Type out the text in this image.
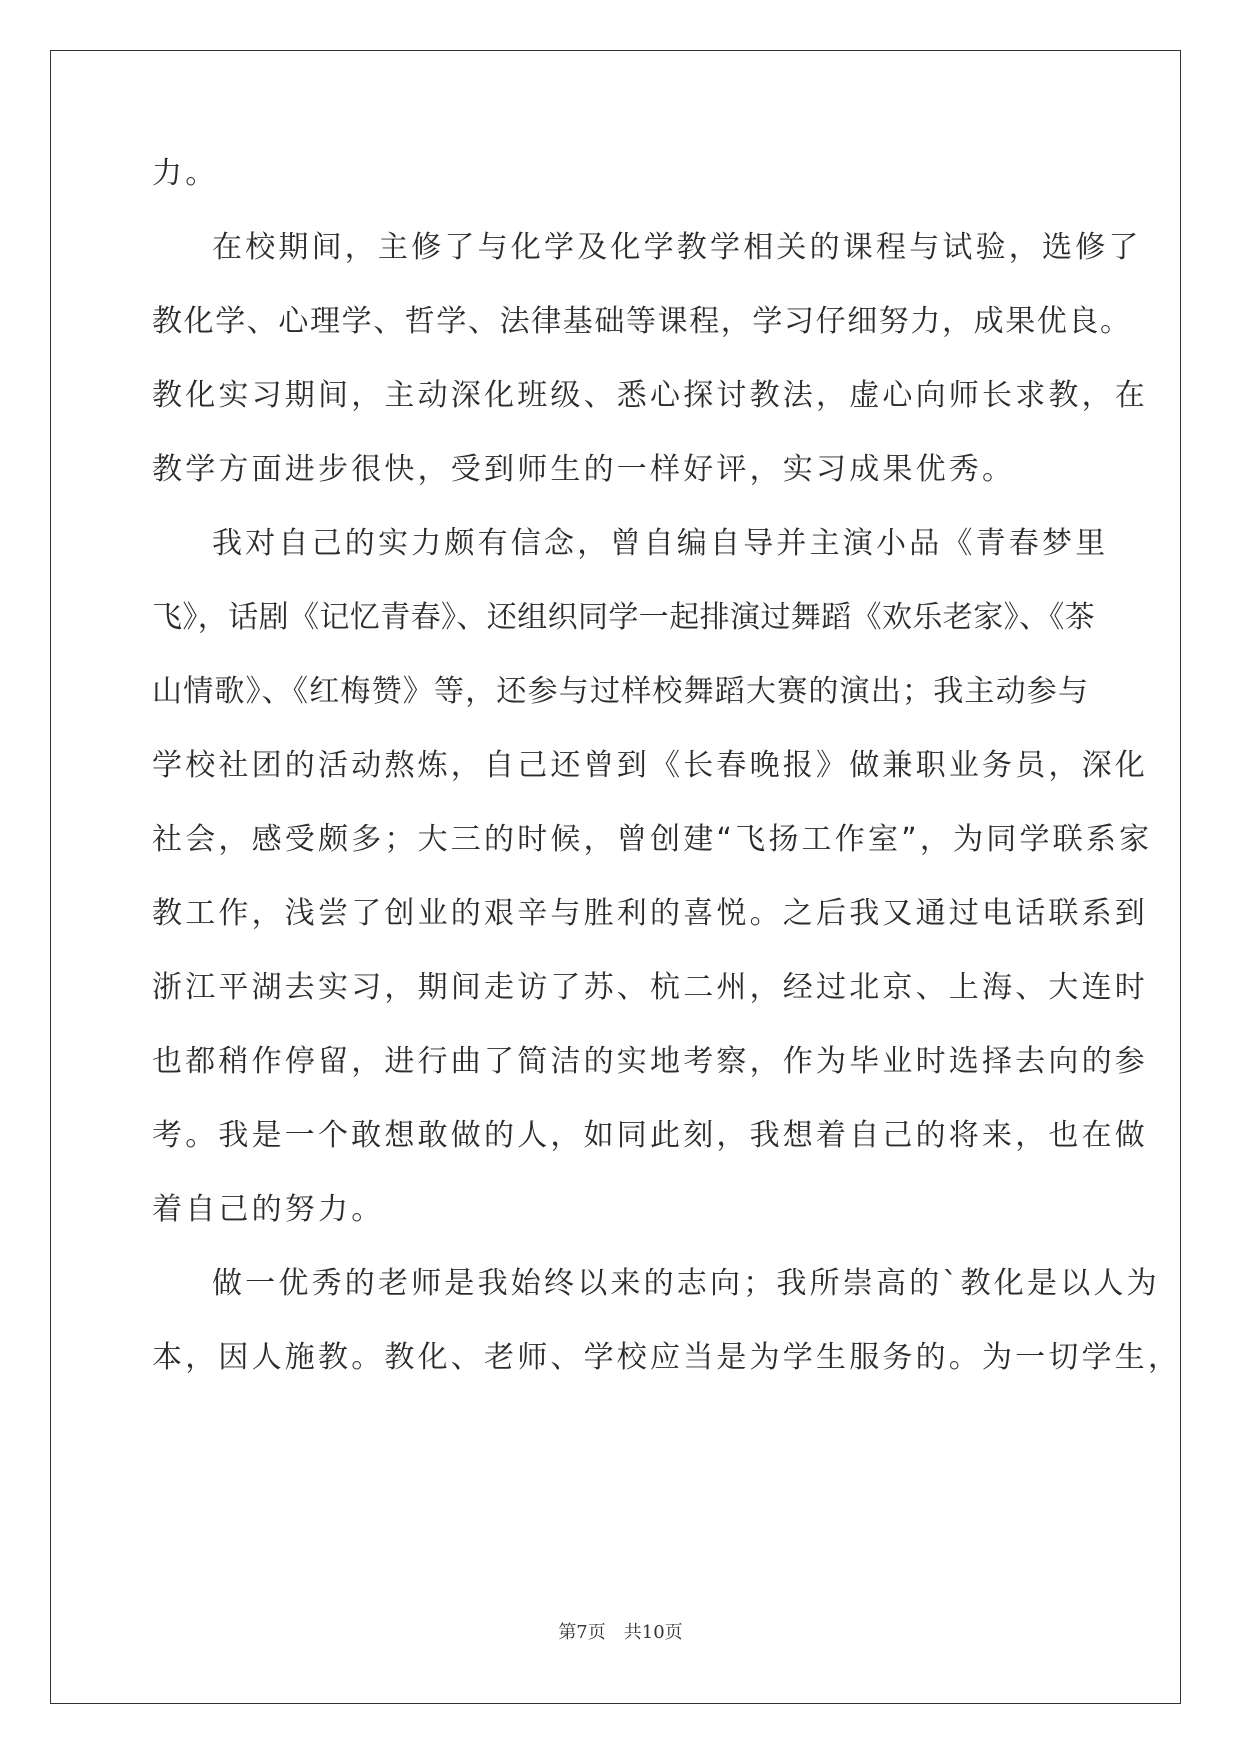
力。
在校期间，主修了与化学及化学教学相关的课程与试验，选修了
教化学、心理学、哲学、法律基础等课程，学习仔细努力，成果优良。
教化实习期间，主动深化班级、悉心探讨教法，虚心向师长求教，在
教学方面进步很快，受到师生的一样好评，实习成果优秀。
我对自己的实力颇有信念，曾自编自导并主演小品《青春梦里
飞》，话剧《记忆青春》、还组织同学一起排演过舞蹈《欢乐老家》、《茶
山情歌》、《红梅赞》等，还参与过样校舞蹈大赛的演出；我主动参与
学校社团的活动熬炼，自己还曾到《长春晚报》做兼职业务员，深化
社会，感受颇多；大三的时候，曾创建“飞扬工作室”，为同学联系家
教工作，浅尝了创业的艰辛与胜利的喜悦。之后我又通过电话联系到
浙江平湖去实习，期间走访了苏、杭二州，经过北京、上海、大连时
也都稍作停留，进行曲了简洁的实地考察，作为毕业时选择去向的参
考。我是一个敢想敢做的人，如同此刻，我想着自己的将来，也在做
着自己的努力。
做一优秀的老师是我始终以来的志向；我所崇高的`教化是以人为
本，因人施教。教化、老师、学校应当是为学生服务的。为一切学生，
第7页 共10页
